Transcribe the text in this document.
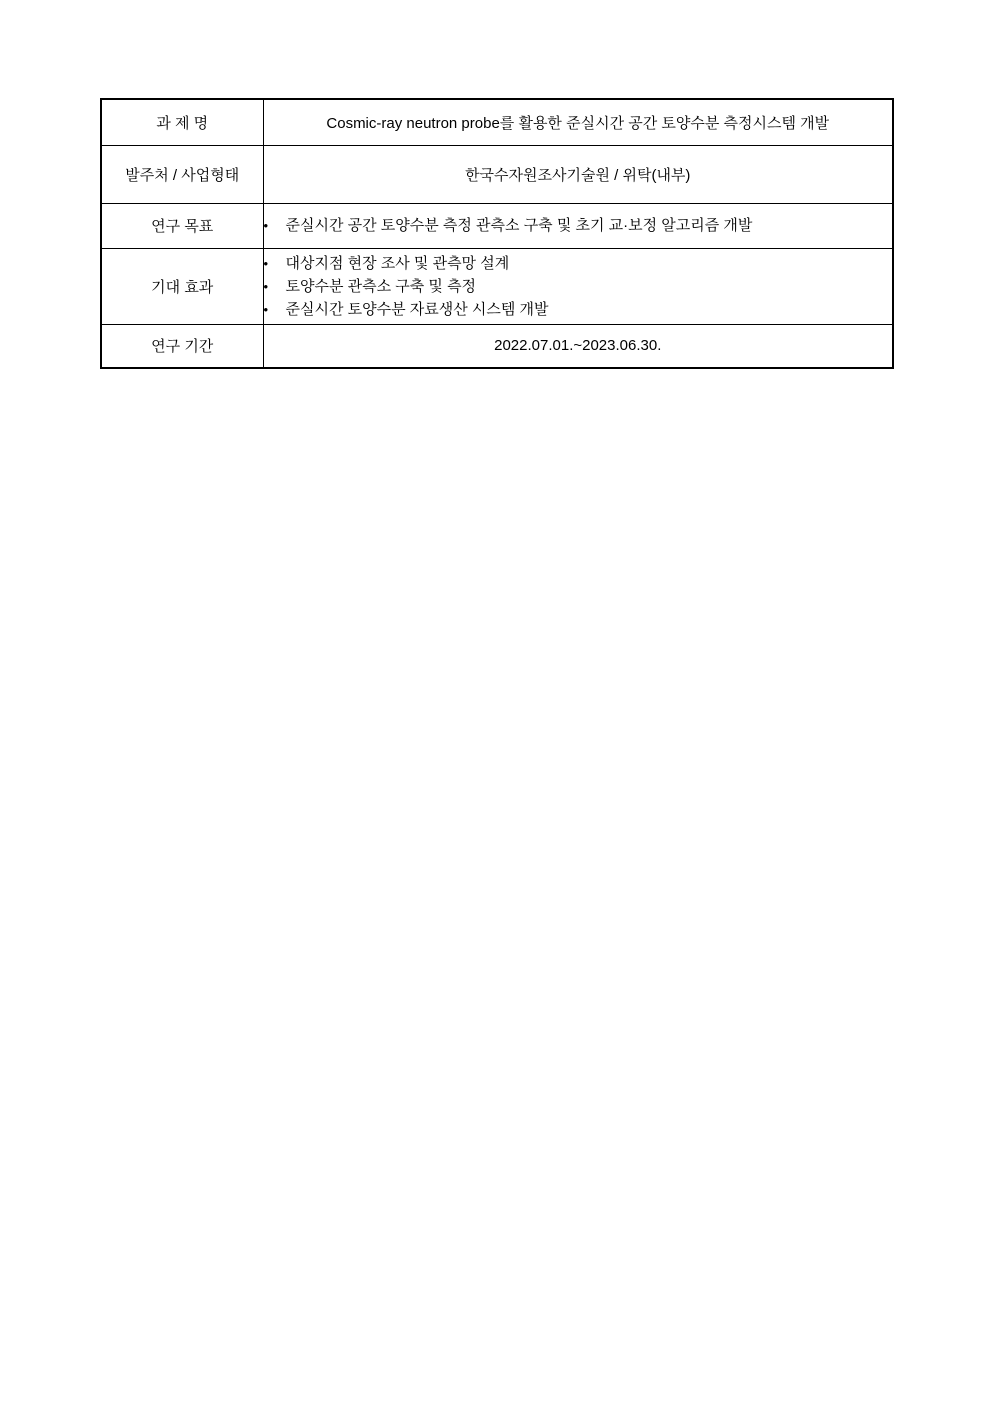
과 제 명	Cosmic-ray neutron probe를 활용한 준실시간 공간 토양수분 측정시스템 개발
발주처 / 사업형태	한국수자원조사기술원 / 위탁(내부)
연구 목표	• 준실시간 공간 토양수분 측정 관측소 구축 및 초기 교·보정 알고리즘 개발

기대 효과	
•	대상지점 현장 조사 및 관측망 설계
•	토양수분 관측소 구축 및 측정
•	준실시간 토양수분 자료생산 시스템 개발

연구 기간	2022.07.01.~2023.06.30.
